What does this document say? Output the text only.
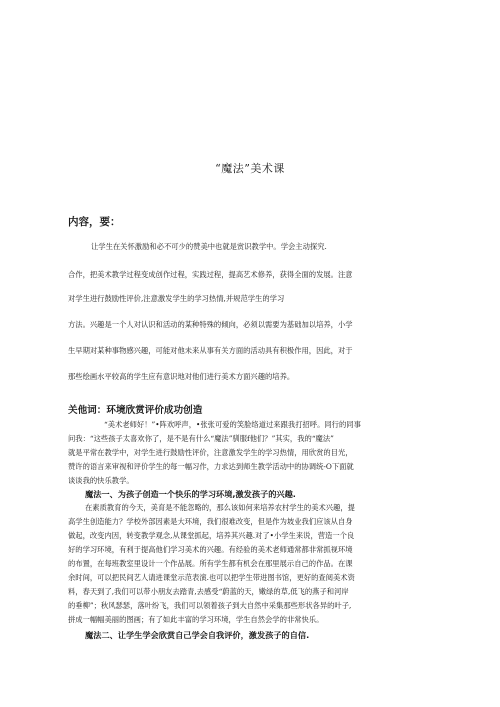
“魔法”美术课
内容，要：
让学生在关怀激励和必不可少的赞美中也就是赏识教学中。学会主动探究.
合作，把美术教学过程变成创作过程，实践过程，提高艺术修养，获得全面的发展。注意
对学生进行鼓励性评价,注意激发学生的学习热情,并规范学生的学习
方法。兴趣是一个人对认识和活动的某种特殊的倾向，必须以需要为基础加以培养，小学
生早期对某种事物感兴趣，可能对他未来从事有关方面的活动具有积极作用，因此，对于
那些绘画水平较高的学生应有意识地对他们进行美术方面兴趣的培养。
关他词：环境欣赏评价成功创造
“美术老师好！”•阵欢呼声，•张张可爱的笑脸络道过来跟我打招呼。同行的同事
问我：“这些孩子太喜欢你了，是不是有什么“魔法”驯服f他们？”其实，我的“魔法”
就是平常在教学中，对学生进行鼓励性评价，注意激发学生的学习热情，用欣赏的目光，
赞许的语言来审视和评价学生的每一幅习作，力求达到师生教学活动中的协调统-O下面就
谈谈我的快乐教学。
魔法一、为孩子创造一个快乐的学习环境,激发孩子的兴趣.
在素质教育的今天，美育是不能忽略的，那么该如何来培养农村学生的美术兴趣，提
高学生创造能力？学校外部因素是大环境，我们很难改变，但是作为坡业我们应该从自身
做起，改变内因，转变教学观念,从课堂抓起，培养其兴趣.对了•小学生来说，营造一个良
好的学习环境，有利于提高他们学习美术的兴趣。有经验的美术老师通常都非常抓视环境
的布置，在每班教室里设计一个作品展。所有学生都有机会在那里展示自己的作品。在课
余时间，可以把民间艺人请进课堂示范表演.也可以把学生带进图书馆，更好的查阅美术资
料，春天到了,我们可以带小朋友去踏青,去感受“蔚蓝的天，嫩绿的草,低飞的燕子和河岸
的垂柳”；秋风瑟瑟，落叶纷飞，我们可以领着孩子到大自然中采集那些形状各异的叶子,
拼成一幅幅美丽的图画；有了如此丰富的学习环境，学生自然会学的非常快乐。
魔法二、让学生学会欣赏自己学会自我评价，激发孩子的自信.
